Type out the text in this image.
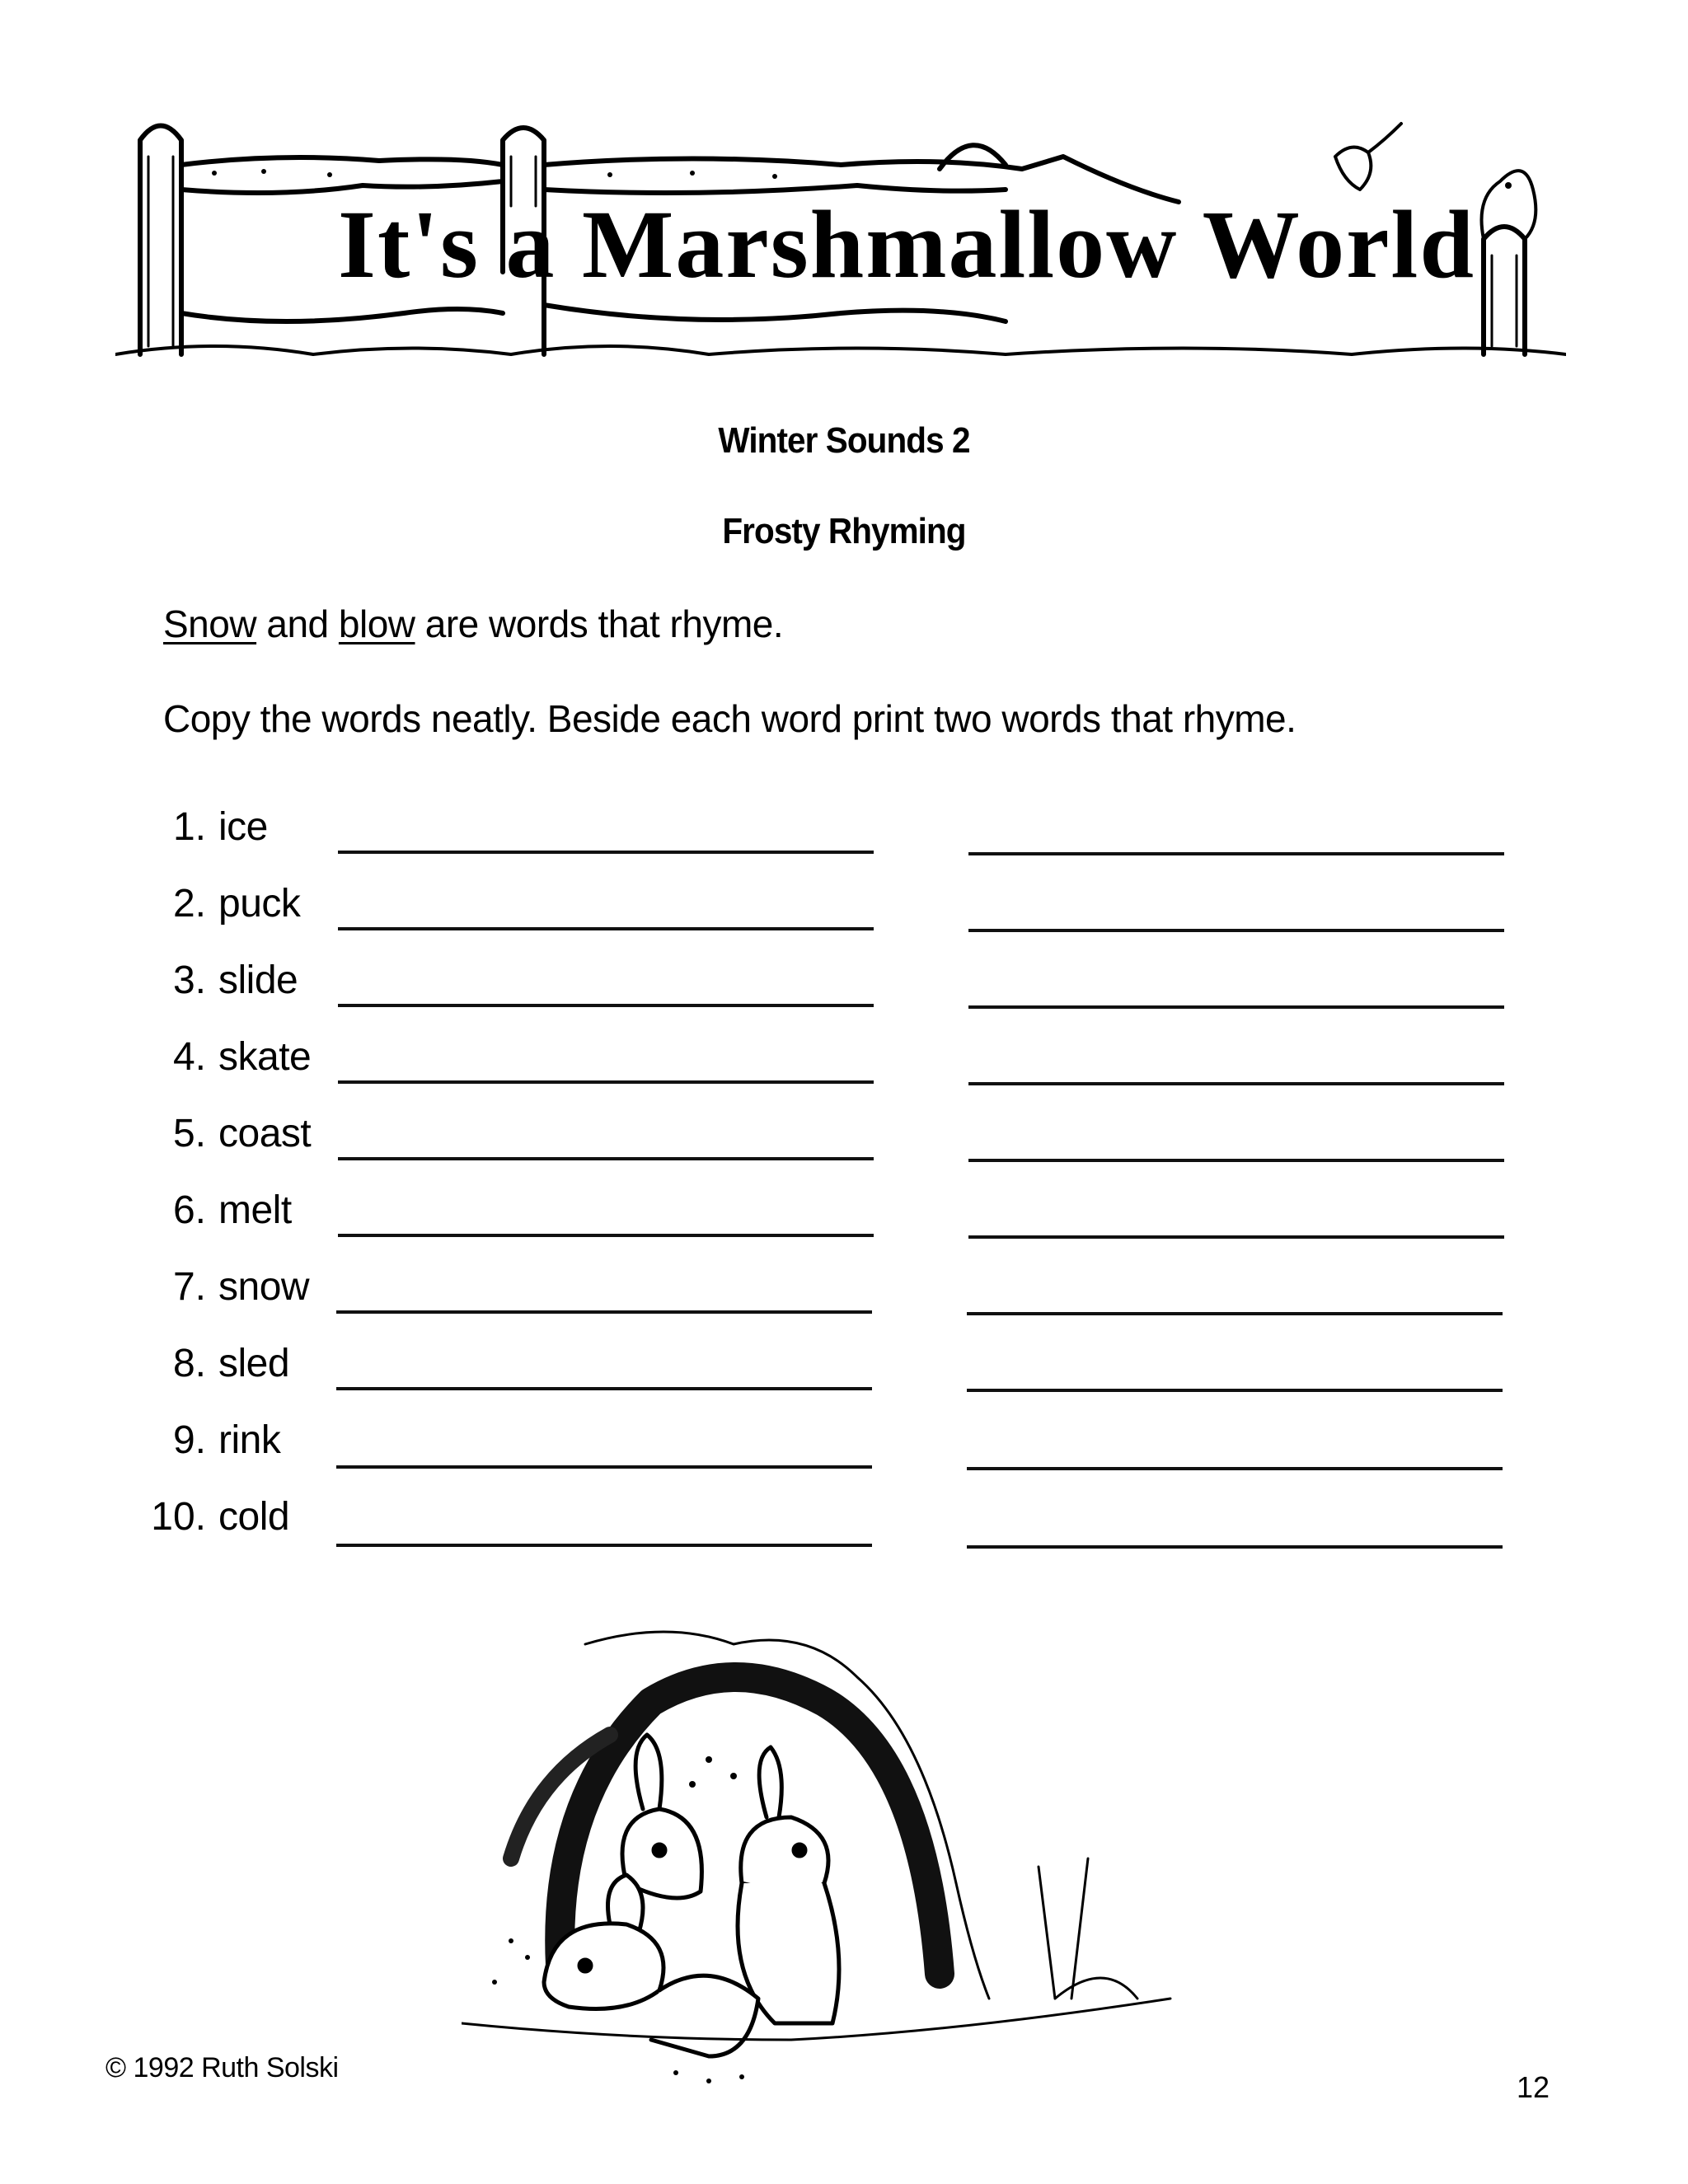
It's a Marshmallow World
Winter Sounds 2
Frosty Rhyming
Snow and blow are words that rhyme.
Copy the words neatly. Beside each word print two words that rhyme.
1. ice
2. puck
3. slide
4. skate
5. coast
6. melt
7. snow
8. sled
9. rink
10. cold
© 1992 Ruth Solski
12
